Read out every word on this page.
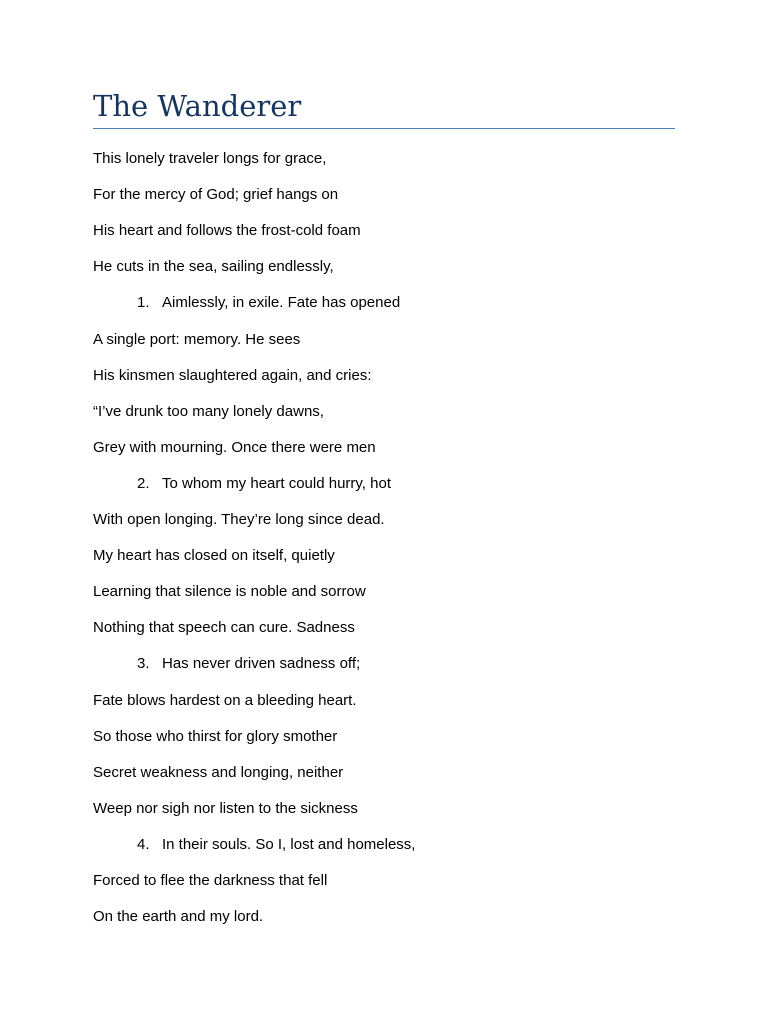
The Wanderer
This lonely traveler longs for grace,
For the mercy of God; grief hangs on
His heart and follows the frost-cold foam
He cuts in the sea, sailing endlessly,
1. Aimlessly, in exile. Fate has opened
A single port: memory. He sees
His kinsmen slaughtered again, and cries:
“I’ve drunk too many lonely dawns,
Grey with mourning. Once there were men
2. To whom my heart could hurry, hot
With open longing. They’re long since dead.
My heart has closed on itself, quietly
Learning that silence is noble and sorrow
Nothing that speech can cure. Sadness
3. Has never driven sadness off;
Fate blows hardest on a bleeding heart.
So those who thirst for glory smother
Secret weakness and longing, neither
Weep nor sigh nor listen to the sickness
4. In their souls. So I, lost and homeless,
Forced to flee the darkness that fell
On the earth and my lord.
